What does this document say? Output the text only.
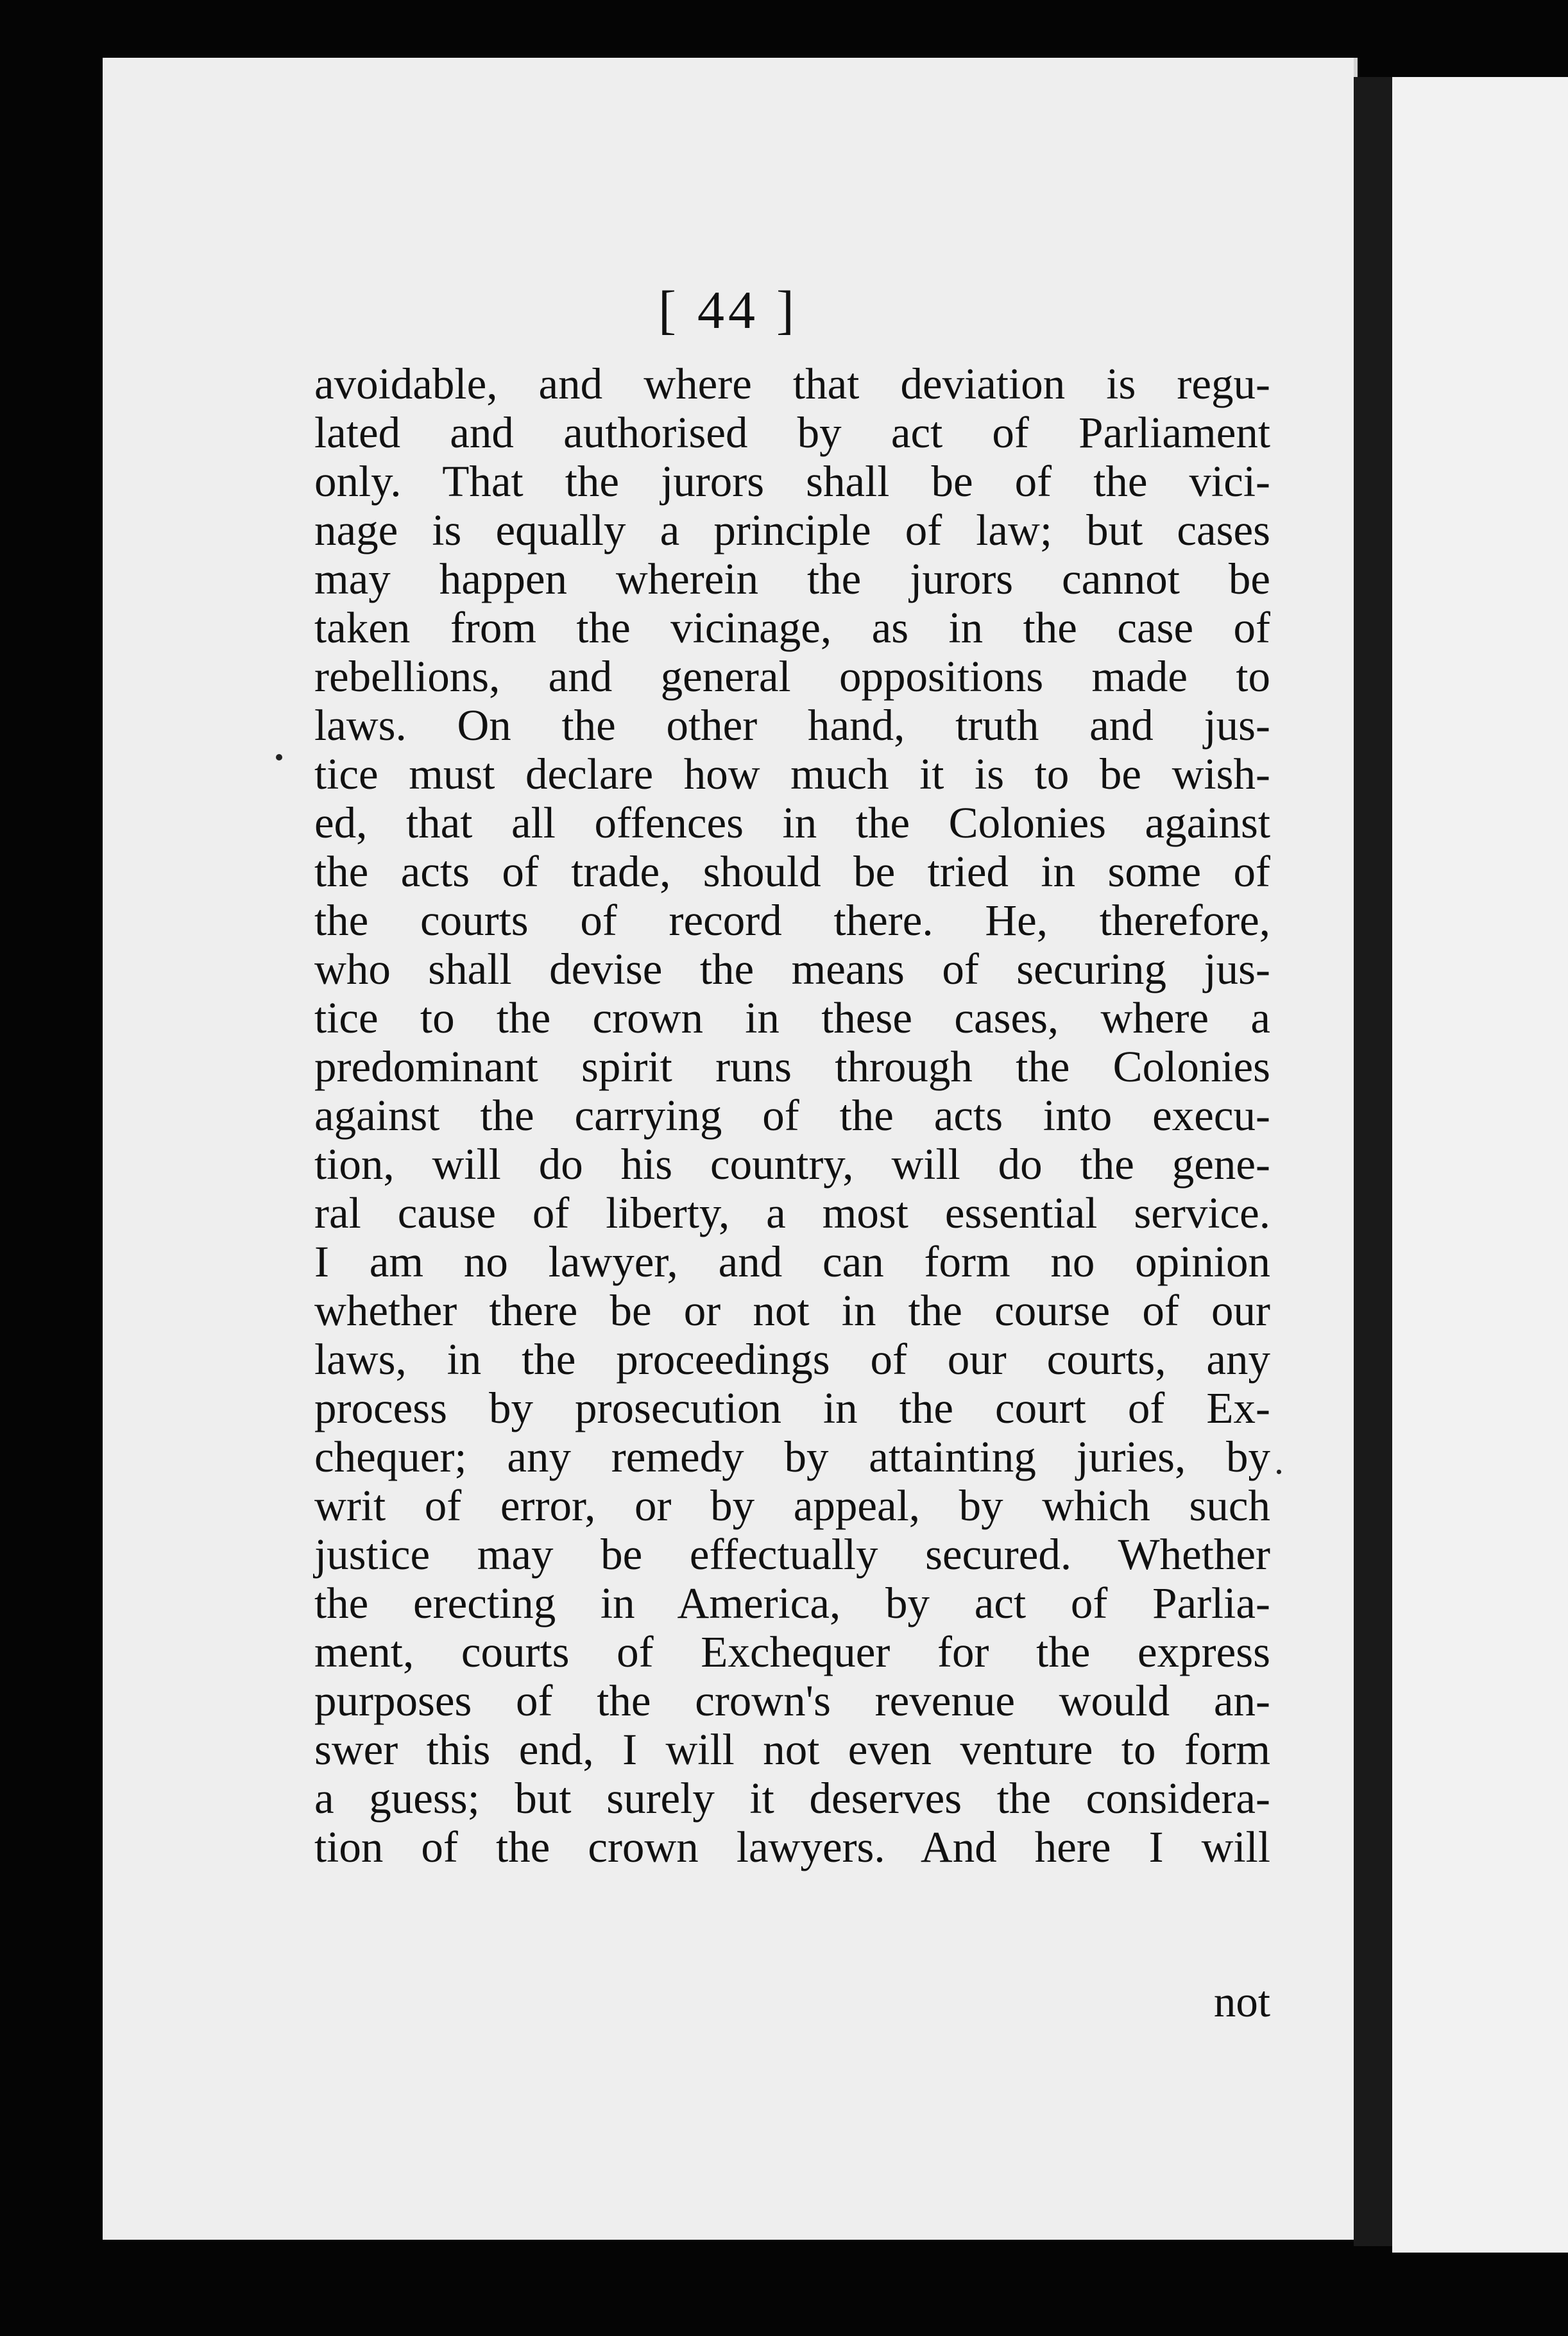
[ 44 ]
avoidable, and where that deviation is regu-
lated and authorised by act of Parliament
only. That the jurors shall be of the vici-
nage is equally a principle of law; but cases
may happen wherein the jurors cannot be
taken from the vicinage, as in the case of
rebellions, and general oppositions made to
laws. On the other hand, truth and jus-
tice must declare how much it is to be wish-
ed, that all offences in the Colonies against
the acts of trade, should be tried in some of
the courts of record there. He, therefore,
who shall devise the means of securing jus-
tice to the crown in these cases, where a
predominant spirit runs through the Colonies
against the carrying of the acts into execu-
tion, will do his country, will do the gene-
ral cause of liberty, a most essential service.
I am no lawyer, and can form no opinion
whether there be or not in the course of our
laws, in the proceedings of our courts, any
process by prosecution in the court of Ex-
chequer; any remedy by attainting juries, by
writ of error, or by appeal, by which such
justice may be effectually secured. Whether
the erecting in America, by act of Parlia-
ment, courts of Exchequer for the express
purposes of the crown's revenue would an-
swer this end, I will not even venture to form
a guess; but surely it deserves the considera-
tion of the crown lawyers. And here I will
not
